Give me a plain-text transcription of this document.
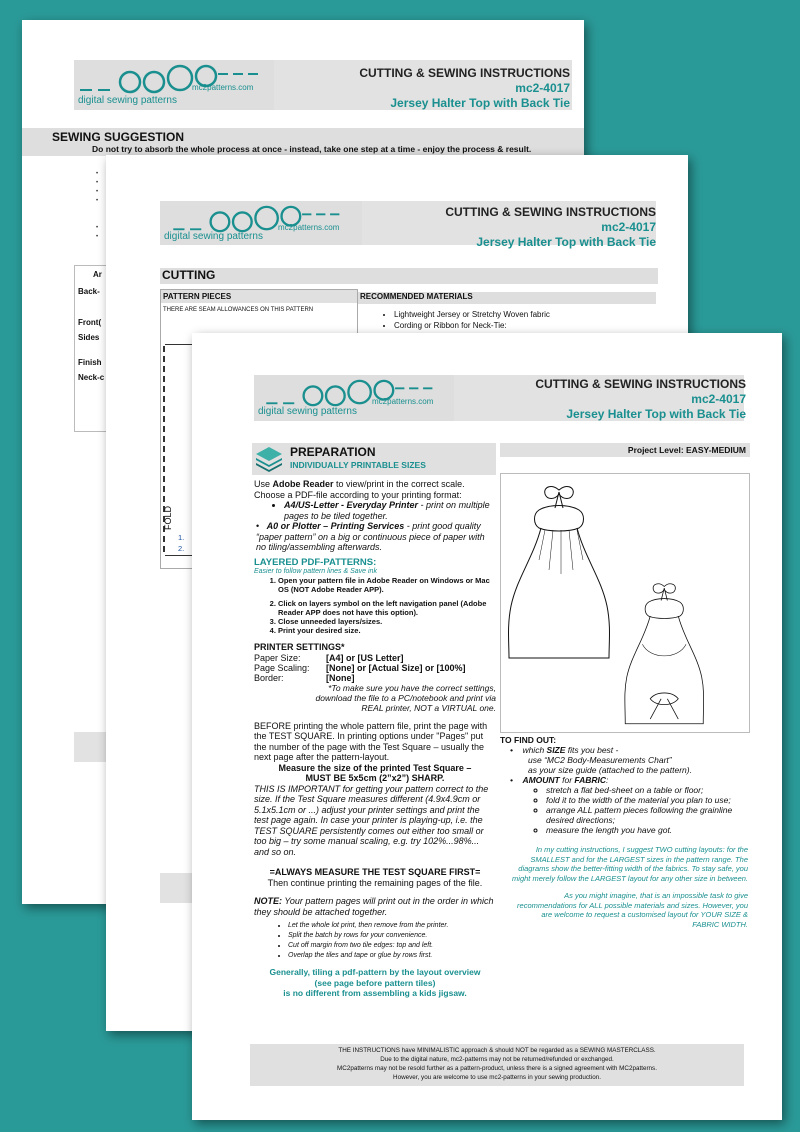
mc2patterns.com
digital sewing patterns
CUTTING & SEWING INSTRUCTIONS
mc2-4017
Jersey Halter Top with Back Tie
SEWING SUGGESTION
Do not try to absorb the whole process at once - instead, take one step at a time - enjoy the process & result.
•
•
•
•

•
•
Ar
Back-
Front(
Sides
Finish
Neck-c
mc2patterns.com
digital sewing patterns
CUTTING & SEWING INSTRUCTIONS
mc2-4017
Jersey Halter Top with Back Tie
CUTTING
PATTERN PIECES
THERE ARE SEAM ALLOWANCES ON THIS PATTERN
FOLD
1.
2.
RECOMMENDED MATERIALS
• Lightweight Jersey or Stretchy Woven fabric
• Cording or Ribbon for Neck-Tie:
mc2patterns.com
digital sewing patterns
CUTTING & SEWING INSTRUCTIONS
mc2-4017
Jersey Halter Top with Back Tie
PREPARATION
INDIVIDUALLY PRINTABLE SIZES
Project Level: EASY-MEDIUM
Use Adobe Reader to view/print in the correct scale.
Choose a PDF-file according to your printing format:
• A4/US-Letter - Everyday Printer - print on multiple pages to be tiled together.
•   A0 or Plotter – Printing Services - print good quality “paper pattern” on a big or continuous piece of paper with no tiling/assembling afterwards.
LAYERED PDF-PATTERNS:
Easier to follow pattern lines & Save ink
1. Open your pattern file in Adobe Reader on Windows or Mac OS (NOT Adobe Reader APP).
2. Click on layers symbol on the left navigation panel (Adobe Reader APP does not have this option).
3. Close unneeded layers/sizes.
4. Print your desired size.
PRINTER SETTINGS*
Paper Size:	[A4] or [US Letter]
Page Scaling: [None] or [Actual Size] or [100%]
Border:	[None]
*To make sure you have the correct settings, download the file to a PC/notebook and print via REAL printer, NOT a VIRTUAL one.
BEFORE printing the whole pattern file, print the page with the TEST SQUARE. In printing options under "Pages" put the number of the page with the Test Square – usually the next page after the pattern-layout.
Measure the size of the printed Test Square –
MUST BE 5x5cm (2”x2”) SHARP.
THIS IS IMPORTANT for getting your pattern correct to the size. If the Test Square measures different (4.9x4.9cm or 5.1x5.1cm or ...) adjust your printer settings and print the test page again. In case your printer is playing-up, i.e. the TEST SQUARE persistently comes out either too small or too big – try some manual scaling, e.g. try 102%...98%... and so on.
=ALWAYS MEASURE THE TEST SQUARE FIRST=
Then continue printing the remaining pages of the file.
NOTE: Your pattern pages will print out in the order in which they should be attached together.
• Let the whole lot print, then remove from the printer.
• Split the batch by rows for your convenience.
• Cut off margin from two tile edges: top and left.
• Overlap the tiles and tape or glue by rows first.
Generally, tiling a pdf-pattern by the layout overview
(see page before pattern tiles)
is no different from assembling a kids jigsaw.
TO FIND OUT:
•    which SIZE fits you best -
use “MC2 Body-Measurements Chart”
as your size guide (attached to the pattern).
•    AMOUNT for FABRIC:
◦ stretch a flat bed-sheet on a table or floor;
◦ fold it to the width of the material you plan to use;
◦ arrange ALL pattern pieces following the grainline desired directions;
◦ measure the length you have got.
In my cutting instructions, I suggest TWO cutting layouts: for the SMALLEST and for the LARGEST sizes in the pattern range. The diagrams show the better-fitting width of the fabrics. To stay safe, you might merely follow the LARGEST layout for any other size in between.
As you might imagine, that is an impossible task to give recommendations for ALL possible materials and sizes. However, you are welcome to request a customised layout for YOUR SIZE & FABRIC WIDTH.
THE INSTRUCTIONS have MINIMALISTIC approach & should NOT be regarded as a SEWING MASTERCLASS.
Due to the digital nature, mc2-patterns may not be returned/refunded or exchanged.
MC2patterns may not be resold further as a pattern-product, unless there is a signed agreement with MC2patterns.
However, you are welcome to use mc2-patterns in your sewing production.
